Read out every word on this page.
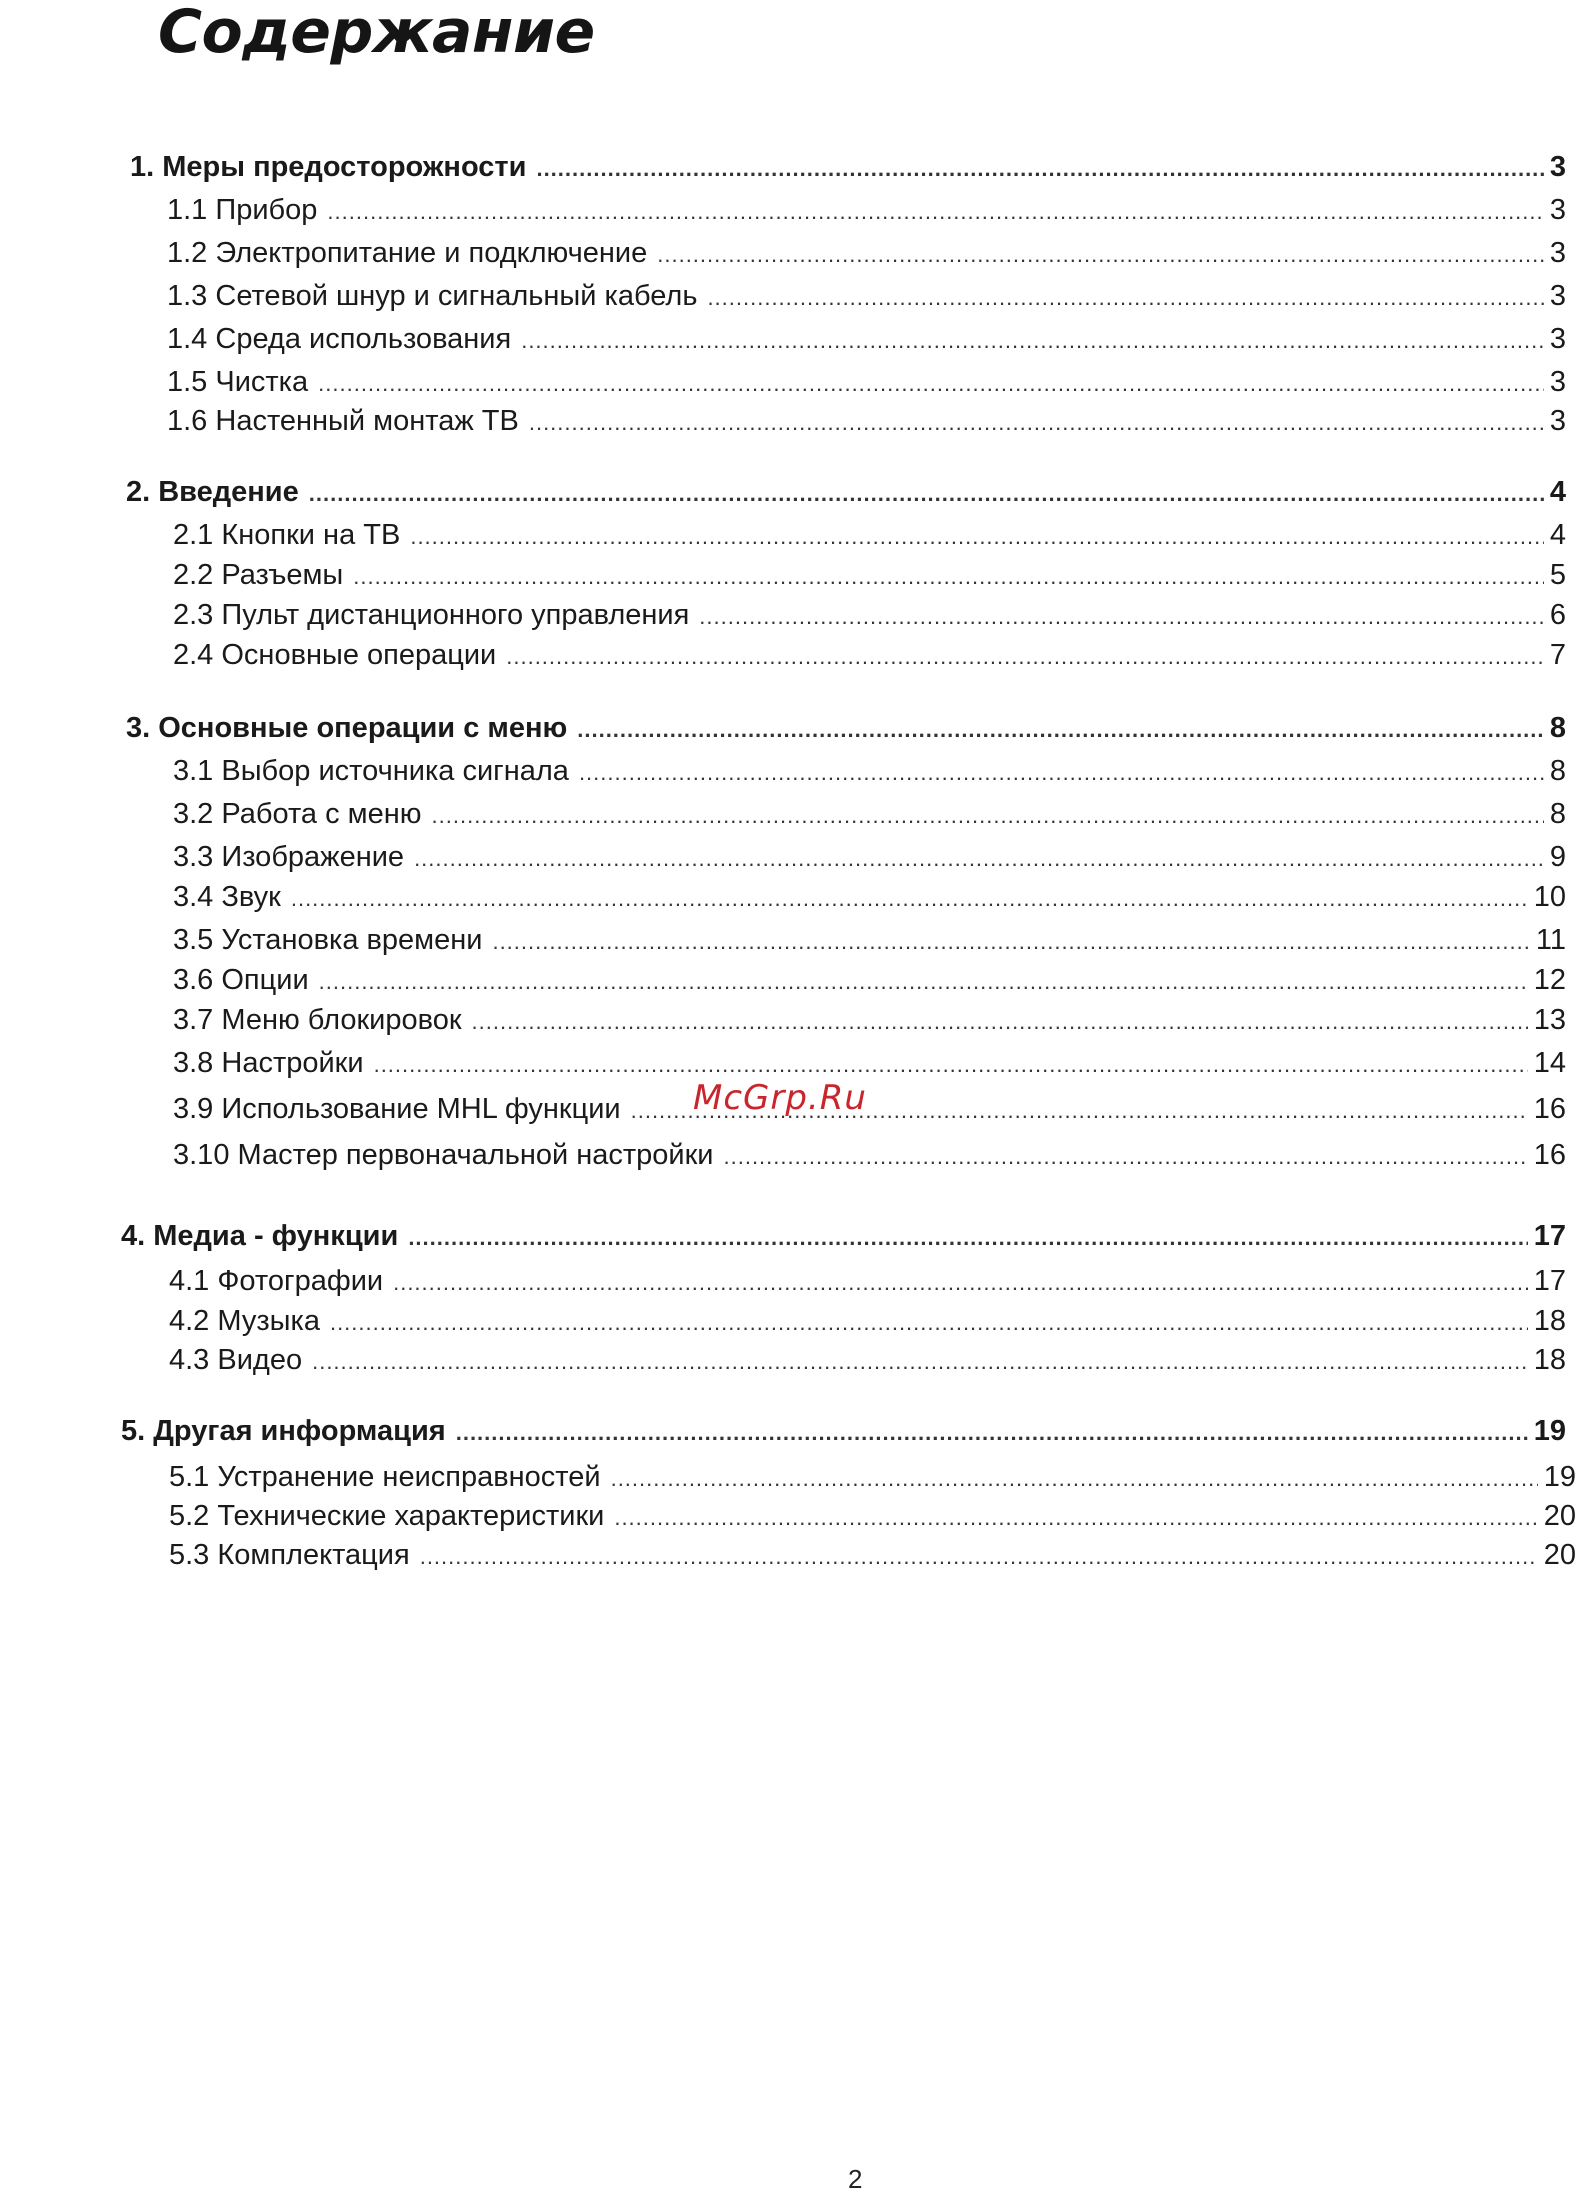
Содержание
1. Меры предосторожности .....	3
1.1 Прибор .....	3
1.2 Электропитание и подключение .....	3
1.3 Сетевой шнур и сигнальный кабель .....	3
1.4 Среда использования .....	3
1.5 Чистка .....	3
1.6 Настенный монтаж ТВ .....	3
2. Введение .....	4
2.1 Кнопки на ТВ .....	4
2.2 Разъемы .....	5
2.3 Пульт дистанционного управления .....	6
2.4 Основные операции .....	7
3. Основные операции с меню .....	8
3.1 Выбор источника сигнала .....	8
3.2 Работа с меню .....	8
3.3 Изображение .....	9
3.4 Звук .....	10
3.5 Установка времени .....	11
3.6 Опции .....	12
3.7 Меню блокировок .....	13
3.8 Настройки .....	14
3.9 Использование MHL функции .....	16
3.10 Мастер первоначальной настройки .....	16
4. Медиа - функции .....	17
4.1 Фотографии .....	17
4.2 Музыка .....	18
4.3 Видео .....	18
5. Другая информация .....	19
5.1 Устранение неисправностей .....	19
5.2 Технические характеристики .....	20
5.3 Комплектация .....	20
McGrp.Ru
2
